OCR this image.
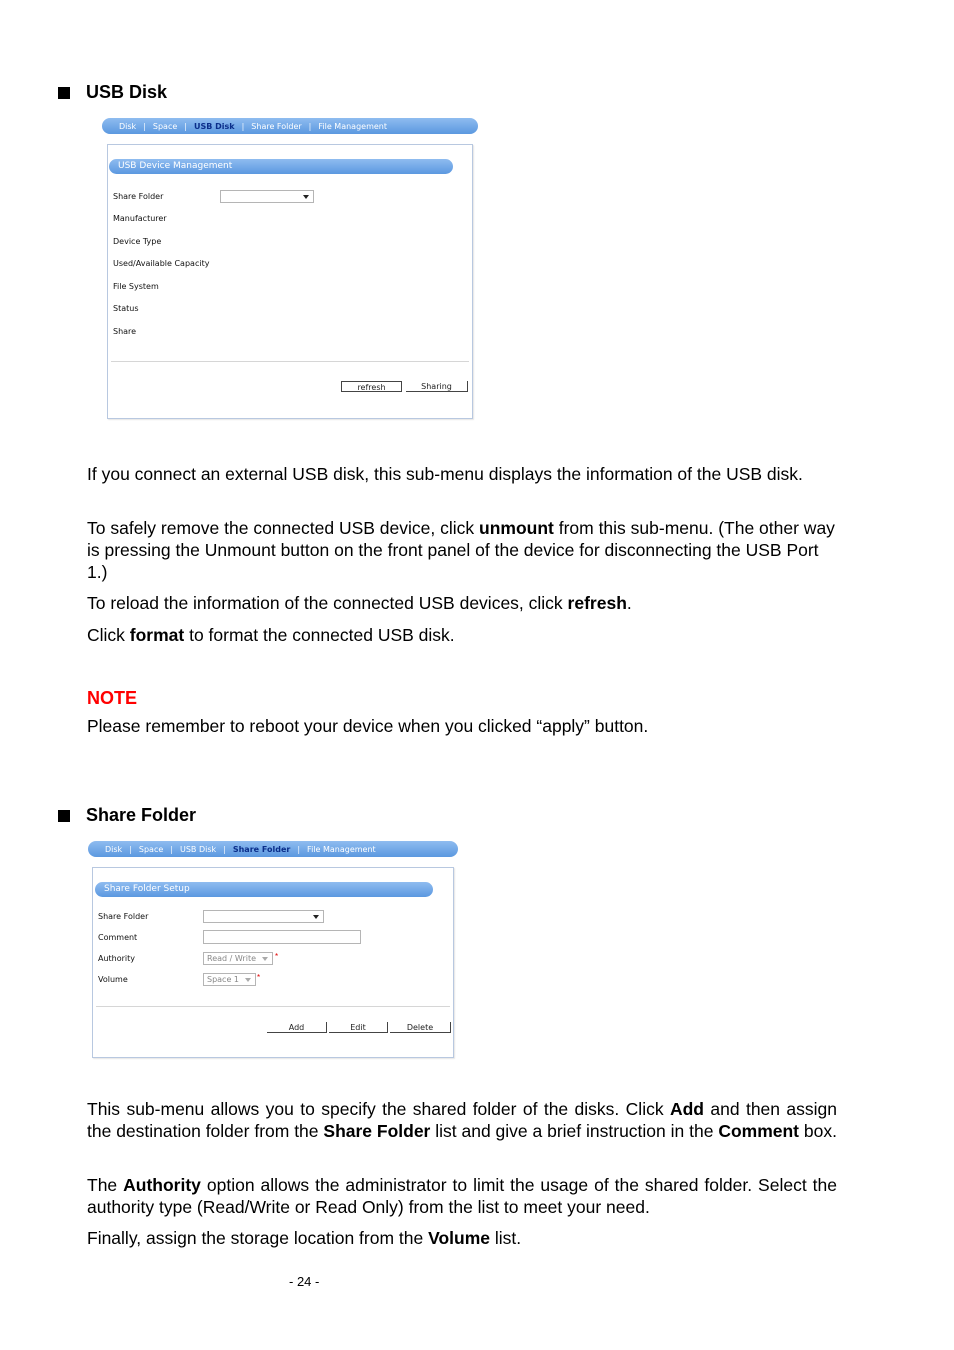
USB Disk
Disk | Space | USB Disk | Share Folder | File Management
USB Device Management
Share Folder
Manufacturer
Device Type
Used/Available Capacity
File System
Status
Share
refresh	Sharing
If you connect an external USB disk, this sub-menu displays the information of the USB disk.
To safely remove the connected USB device, click unmount from this sub-menu. (The other way is pressing the Unmount button on the front panel of the device for disconnecting the USB Port 1.)
To reload the information of the connected USB devices, click refresh.
Click format to format the connected USB disk.
NOTE
Please remember to reboot your device when you clicked “apply” button.
Share Folder
Disk | Space | USB Disk | Share Folder | File Management
Share Folder Setup
Share Folder
Comment
Authority	Read / Write	*
Volume	Space 1	*
Add	Edit	Delete
This sub-menu allows you to specify the shared folder of the disks. Click Add and then assign the destination folder from the Share Folder list and give a brief instruction in the Comment box.
The Authority option allows the administrator to limit the usage of the shared folder. Select the authority type (Read/Write or Read Only) from the list to meet your need.
Finally, assign the storage location from the Volume list.
- 24 -
